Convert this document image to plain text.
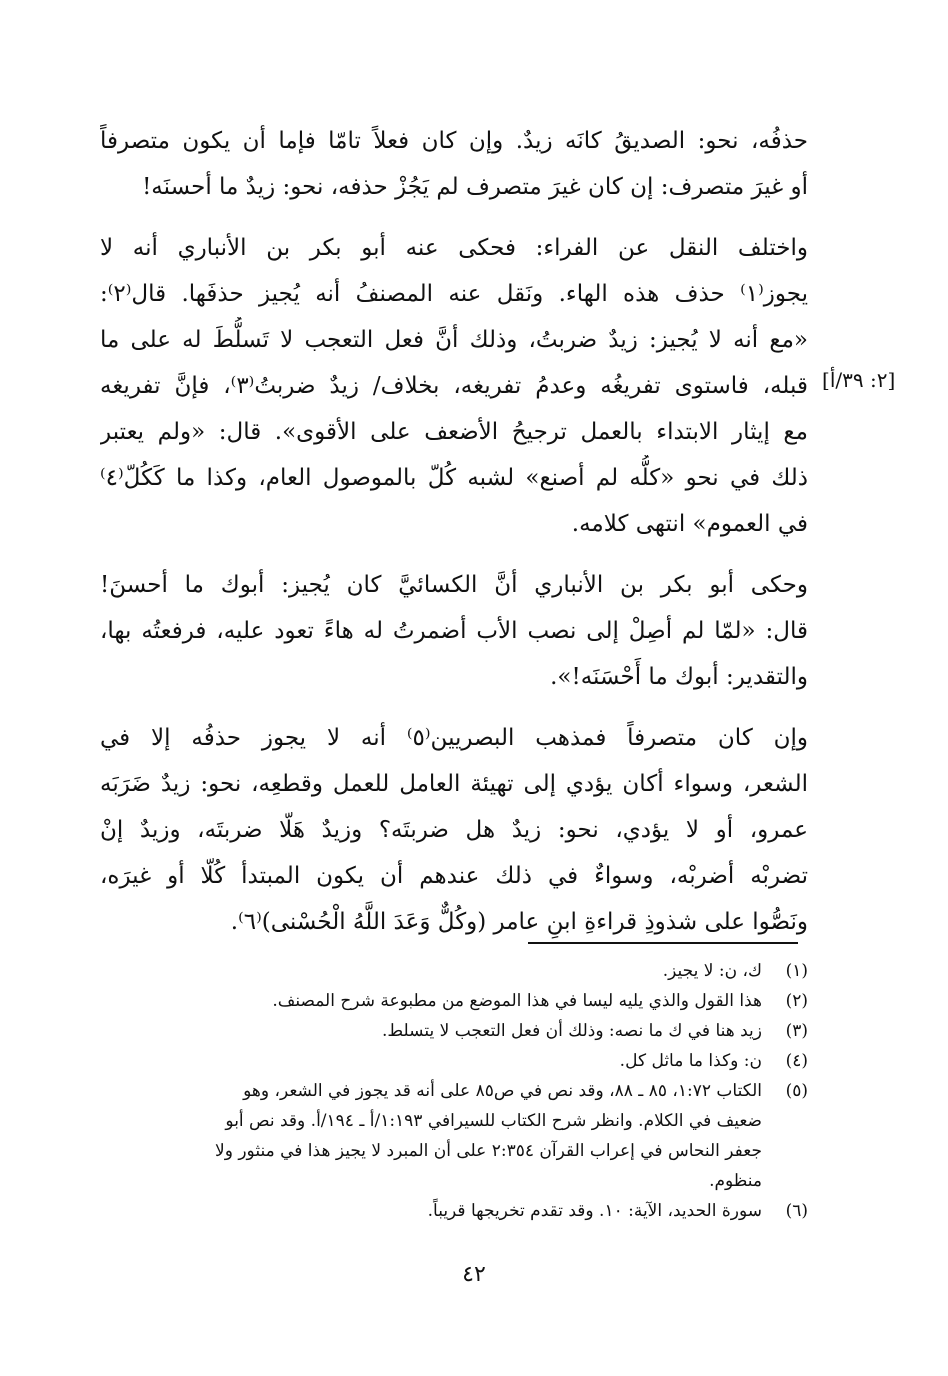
حذفُه، نحو: الصديقُ كانَه زيدٌ. وإن كان فعلاً تامّا فإما أن يكون متصرفاً
أو غيرَ متصرف: إن كان غيرَ متصرف لم يَجُزْ حذفه، نحو: زيدٌ ما أحسنَه!
واختلف النقل عن الفراء: فحكى عنه أبو بكر بن الأنباري أنه لا
يجوز⁽١⁾ حذف هذه الهاء. ونَقل عنه المصنفُ أنه يُجيز حذفَها. قال⁽٢⁾:
«مع أنه لا يُجيز: زيدٌ ضربتُ، وذلك أنَّ فعل التعجب لا تَسلُّطَ له على ما
قبله، فاستوى تفريغُه وعدمُ تفريغه، بخلاف/ زيدٌ ضربتُ⁽٣⁾، فإنَّ تفريغه
مع إيثار الابتداء بالعمل ترجيحُ الأضعف على الأقوى». قال: «ولم يعتبر
ذلك في نحو «كلُّه لم أصنع» لشبه كُلّ بالموصول العام، وكذا ما كَكُلّ⁽٤⁾
في العموم» انتهى كلامه.
وحكى أبو بكر بن الأنباري أنَّ الكسائيَّ كان يُجيز: أبوك ما أحسنَ!
قال: «لمّا لم أصِلْ إلى نصب الأب أضمرتُ له هاءً تعود عليه، فرفعتُه بها،
والتقدير: أبوك ما أَحْسَنَه!».
وإن كان متصرفاً فمذهب البصريين⁽٥⁾ أنه لا يجوز حذفُه إلا في
الشعر، وسواء أكان يؤدي إلى تهيئة العامل للعمل وقطعِه، نحو: زيدٌ ضَرَبَه
عمرو، أو لا يؤدي، نحو: زيدٌ هل ضربتَه؟ وزيدٌ هَلّا ضربتَه، وزيدٌ إنْ
تضربْه أضربْه، وسواءٌ في ذلك عندهم أن يكون المبتدأ كُلّا أو غيرَه،
ونَصُّوا على شذوذِ قراءةِ ابنِ عامر (وكُلٌّ وَعَدَ اللَّهُ الْحُسْنى)⁽٦⁾.
[٢: ٣٩/أ]
(١)
ك، ن: لا يجيز.
(٢)
هذا القول والذي يليه ليسا في هذا الموضع من مطبوعة شرح المصنف.
(٣)
زيد هنا في ك ما نصه: وذلك أن فعل التعجب لا يتسلط.
(٤)
ن: وكذا ما ماثل كل.
(٥)
الكتاب ١:٧٢، ٨٥ ـ ٨٨، وقد نص في ص٨٥ على أنه قد يجوز في الشعر، وهو
ضعيف في الكلام. وانظر شرح الكتاب للسيرافي ١:١٩٣/أ ـ ١٩٤/أ. وقد نص أبو
جعفر النحاس في إعراب القرآن ٢:٣٥٤ على أن المبرد لا يجيز هذا في منثور ولا
منظوم.
(٦)
سورة الحديد، الآية: ١٠. وقد تقدم تخريجها قريباً.
٤٢
